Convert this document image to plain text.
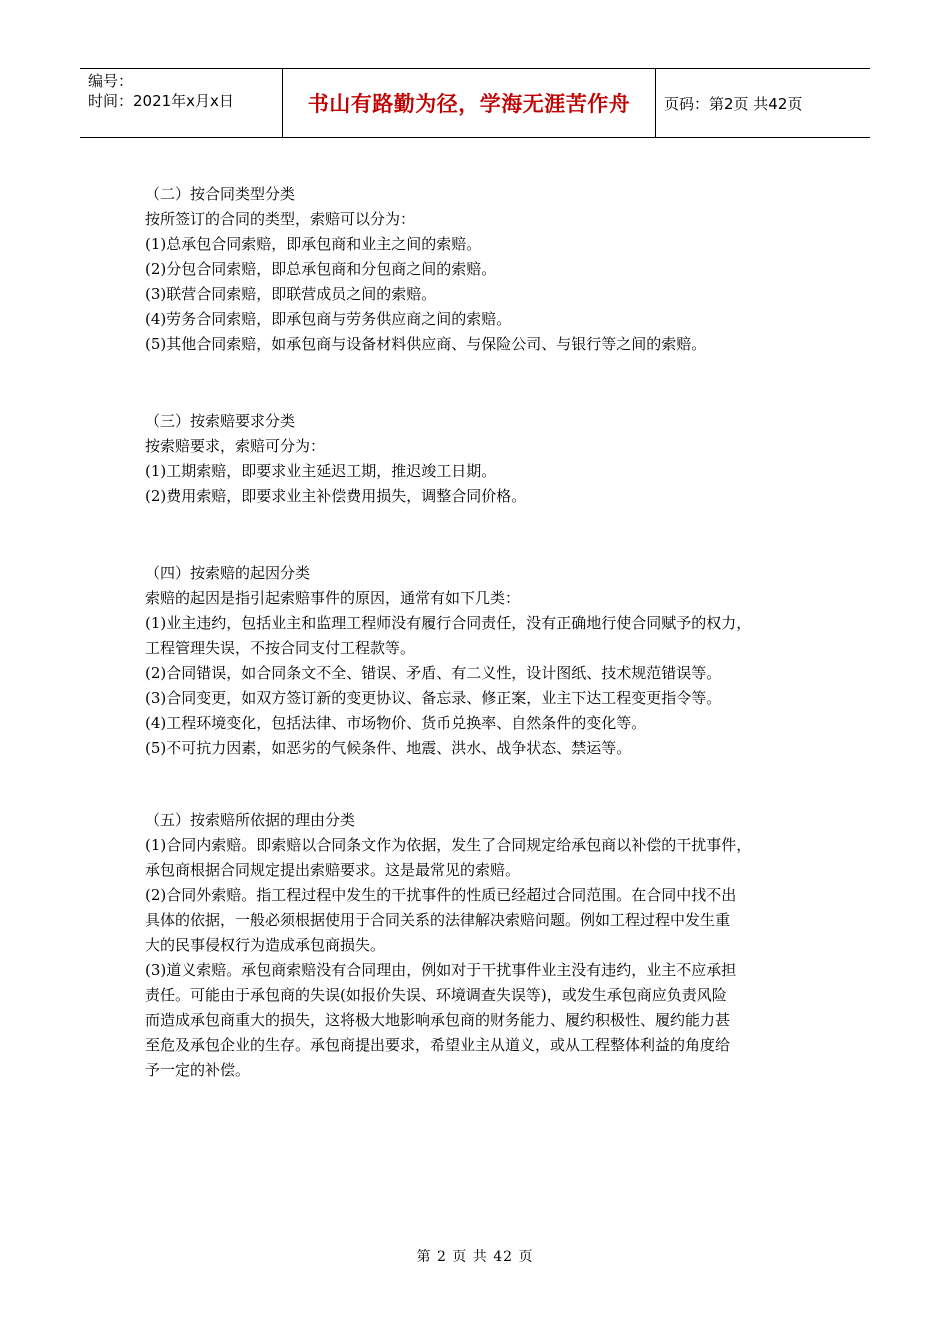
编号：
时间：2021年x月x日	书山有路勤为径，学海无涯苦作舟	页码：第2页 共42页
（二）按合同类型分类
按所签订的合同的类型，索赔可以分为：
(1)总承包合同索赔，即承包商和业主之间的索赔。
(2)分包合同索赔，即总承包商和分包商之间的索赔。
(3)联营合同索赔，即联营成员之间的索赔。
(4)劳务合同索赔，即承包商与劳务供应商之间的索赔。
(5)其他合同索赔，如承包商与设备材料供应商、与保险公司、与银行等之间的索赔。
（三）按索赔要求分类
按索赔要求，索赔可分为：
(1)工期索赔，即要求业主延迟工期，推迟竣工日期。
(2)费用索赔，即要求业主补偿费用损失，调整合同价格。
（四）按索赔的起因分类
索赔的起因是指引起索赔事件的原因，通常有如下几类：
(1)业主违约，包括业主和监理工程师没有履行合同责任，没有正确地行使合同赋予的权力，
工程管理失误，不按合同支付工程款等。
(2)合同错误，如合同条文不全、错误、矛盾、有二义性，设计图纸、技术规范错误等。
(3)合同变更，如双方签订新的变更协议、备忘录、修正案，业主下达工程变更指令等。
(4)工程环境变化，包括法律、市场物价、货币兑换率、自然条件的变化等。
(5)不可抗力因素，如恶劣的气候条件、地震、洪水、战争状态、禁运等。
（五）按索赔所依据的理由分类
(1)合同内索赔。即索赔以合同条文作为依据，发生了合同规定给承包商以补偿的干扰事件，
承包商根据合同规定提出索赔要求。这是最常见的索赔。
(2)合同外索赔。指工程过程中发生的干扰事件的性质已经超过合同范围。在合同中找不出
具体的依据，一般必须根据使用于合同关系的法律解决索赔问题。例如工程过程中发生重
大的民事侵权行为造成承包商损失。
(3)道义索赔。承包商索赔没有合同理由，例如对于干扰事件业主没有违约，业主不应承担
责任。可能由于承包商的失误(如报价失误、环境调查失误等)，或发生承包商应负责风险
而造成承包商重大的损失，这将极大地影响承包商的财务能力、履约积极性、履约能力甚
至危及承包企业的生存。承包商提出要求，希望业主从道义，或从工程整体利益的角度给
予一定的补偿。
第 2 页 共 42 页
